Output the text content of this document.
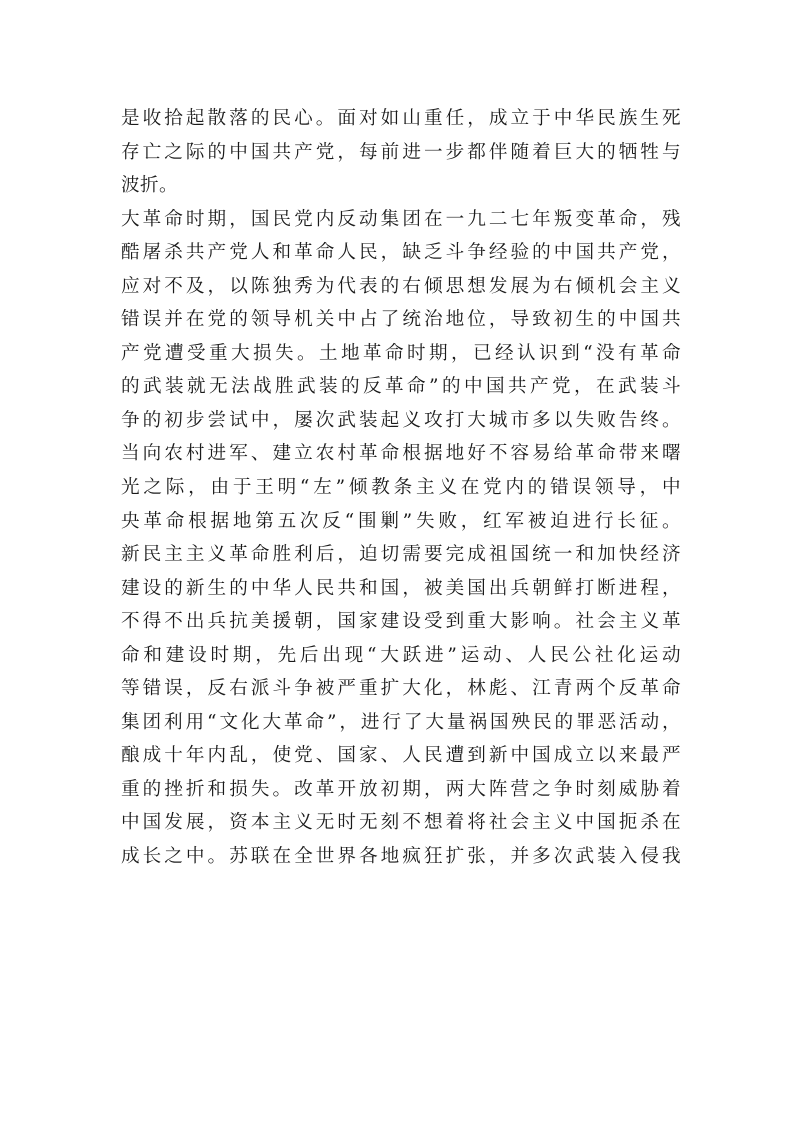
是收拾起散落的民心。面对如山重任，成立于中华民族生死
存亡之际的中国共产党，每前进一步都伴随着巨大的牺牲与
波折。
大革命时期，国民党内反动集团在一九二七年叛变革命，残
酷屠杀共产党人和革命人民，缺乏斗争经验的中国共产党，
应对不及，以陈独秀为代表的右倾思想发展为右倾机会主义
错误并在党的领导机关中占了统治地位，导致初生的中国共
产党遭受重大损失。土地革命时期，已经认识到“没有革命
的武装就无法战胜武装的反革命”的中国共产党，在武装斗
争的初步尝试中，屡次武装起义攻打大城市多以失败告终。
当向农村进军、建立农村革命根据地好不容易给革命带来曙
光之际，由于王明“左”倾教条主义在党内的错误领导，中
央革命根据地第五次反“围剿”失败，红军被迫进行长征。
新民主主义革命胜利后，迫切需要完成祖国统一和加快经济
建设的新生的中华人民共和国，被美国出兵朝鲜打断进程，
不得不出兵抗美援朝，国家建设受到重大影响。社会主义革
命和建设时期，先后出现“大跃进”运动、人民公社化运动
等错误，反右派斗争被严重扩大化，林彪、江青两个反革命
集团利用“文化大革命”，进行了大量祸国殃民的罪恶活动，
酿成十年内乱，使党、国家、人民遭到新中国成立以来最严
重的挫折和损失。改革开放初期，两大阵营之争时刻威胁着
中国发展，资本主义无时无刻不想着将社会主义中国扼杀在
成长之中。苏联在全世界各地疯狂扩张，并多次武装入侵我
